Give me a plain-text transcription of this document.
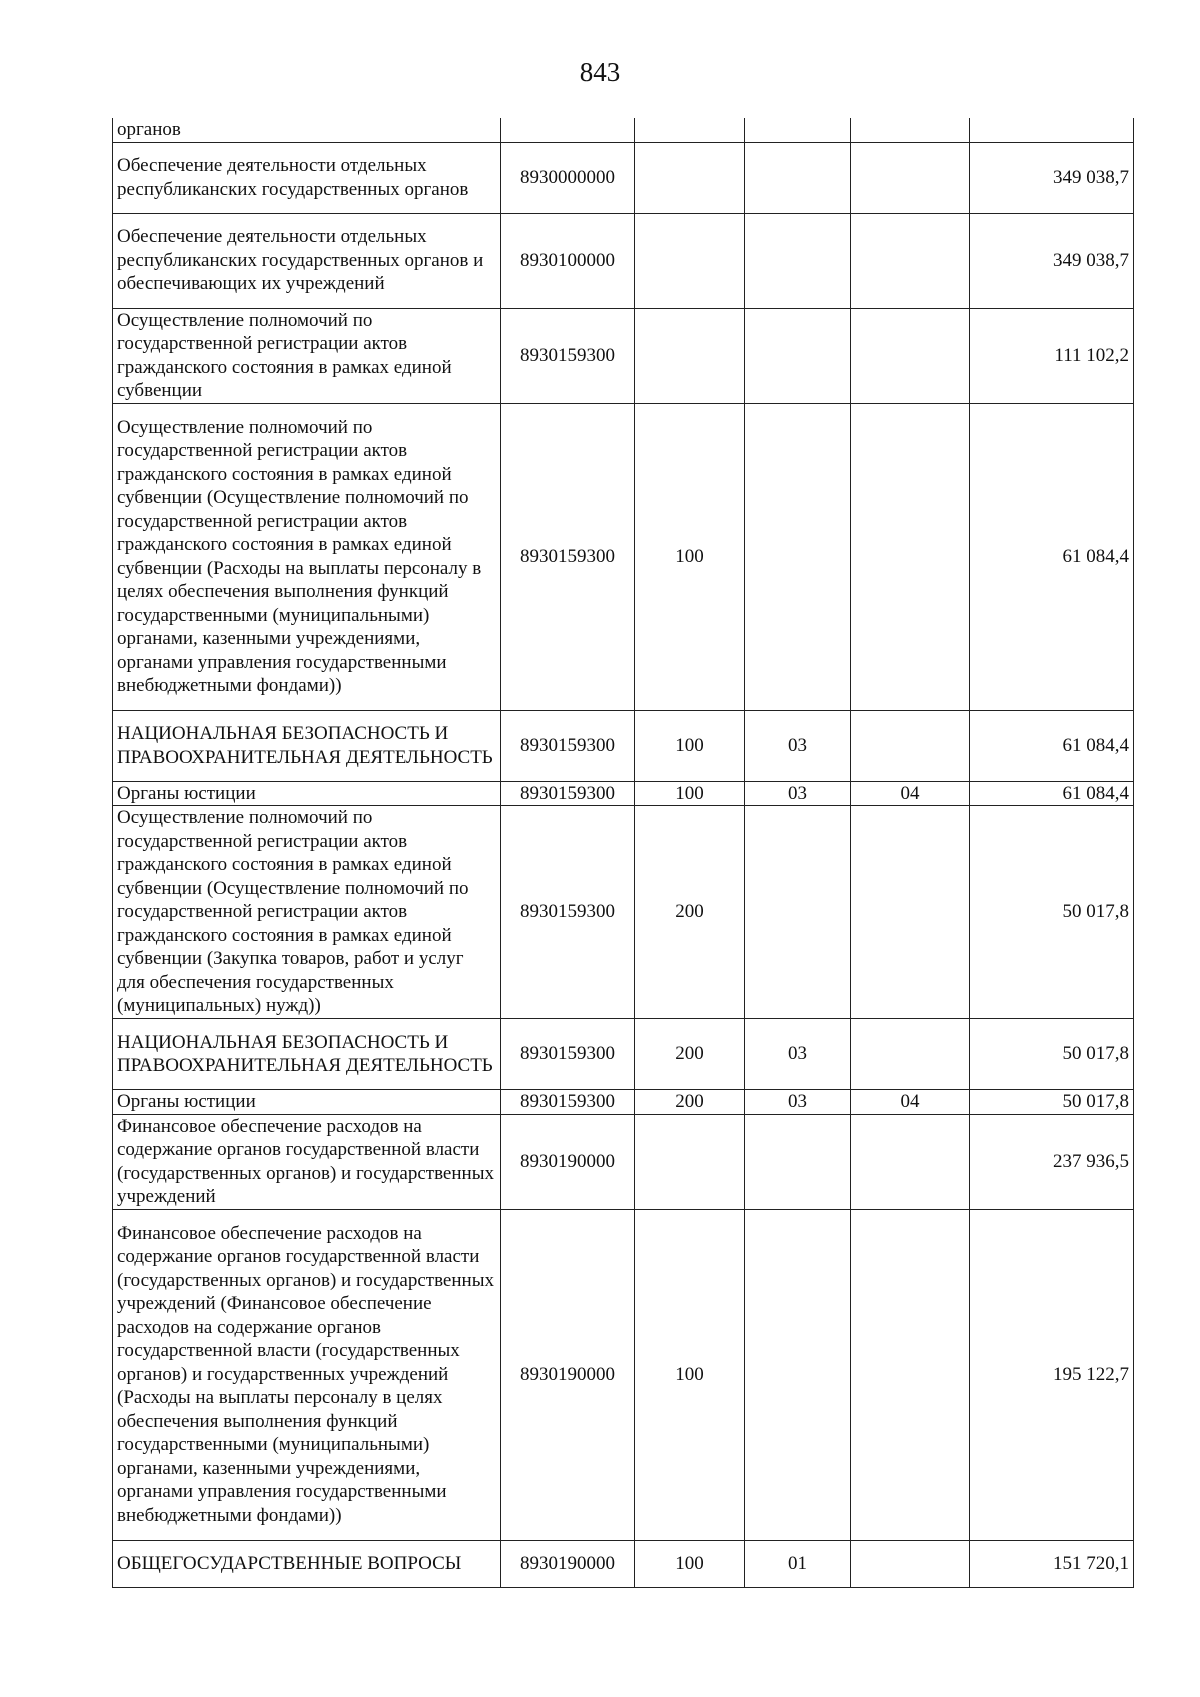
843
органов					
Обеспечение деятельности отдельных республиканских государственных органов	8930000000				349 038,7
Обеспечение деятельности отдельных республиканских государственных органов и обеспечивающих их учреждений	8930100000				349 038,7
Осуществление полномочий по государственной регистрации актов гражданского состояния в рамках единой субвенции	8930159300				111 102,2
Осуществление полномочий по государственной регистрации актов гражданского состояния в рамках единой субвенции (Осуществление полномочий по государственной регистрации актов гражданского состояния в рамках единой субвенции (Расходы на выплаты персоналу в целях обеспечения выполнения функций государственными (муниципальными) органами, казенными учреждениями, органами управления государственными внебюджетными фондами))	8930159300	100			61 084,4
НАЦИОНАЛЬНАЯ БЕЗОПАСНОСТЬ И ПРАВООХРАНИТЕЛЬНАЯ ДЕЯТЕЛЬНОСТЬ	8930159300	100	03		61 084,4
Органы юстиции	8930159300	100	03	04	61 084,4
Осуществление полномочий по государственной регистрации актов гражданского состояния в рамках единой субвенции (Осуществление полномочий по государственной регистрации актов гражданского состояния в рамках единой субвенции (Закупка товаров, работ и услуг для обеспечения государственных (муниципальных) нужд))	8930159300	200			50 017,8
НАЦИОНАЛЬНАЯ БЕЗОПАСНОСТЬ И ПРАВООХРАНИТЕЛЬНАЯ ДЕЯТЕЛЬНОСТЬ	8930159300	200	03		50 017,8
Органы юстиции	8930159300	200	03	04	50 017,8
Финансовое обеспечение расходов на содержание органов государственной власти (государственных органов) и государственных учреждений	8930190000				237 936,5
Финансовое обеспечение расходов на содержание органов государственной власти (государственных органов) и государственных учреждений (Финансовое обеспечение расходов на содержание органов государственной власти (государственных органов) и государственных учреждений (Расходы на выплаты персоналу в целях обеспечения выполнения функций государственными (муниципальными) органами, казенными учреждениями, органами управления государственными внебюджетными фондами))	8930190000	100			195 122,7
ОБЩЕГОСУДАРСТВЕННЫЕ ВОПРОСЫ	8930190000	100	01		151 720,1
